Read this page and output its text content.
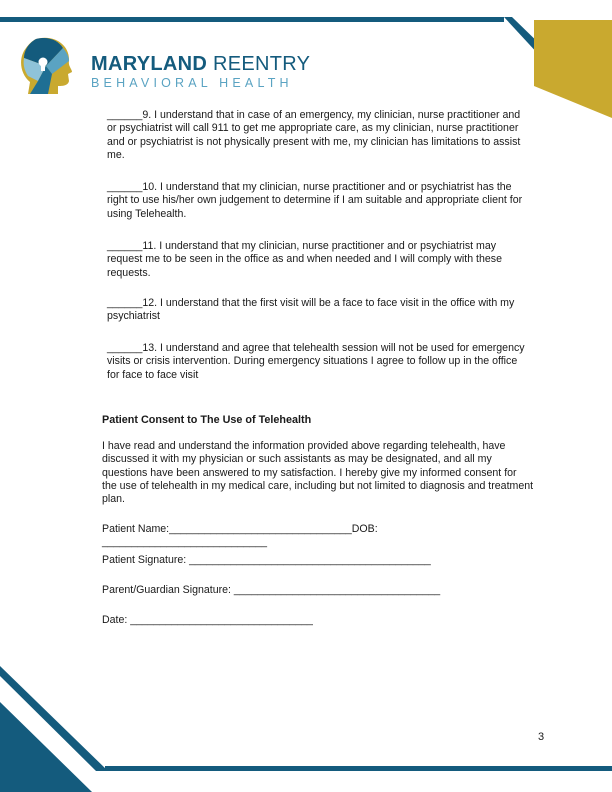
MARYLAND REENTRY
BEHAVIORAL HEALTH
______9. I understand that in case of an emergency, my clinician, nurse practitioner and or psychiatrist will call 911 to get me appropriate care, as my clinician, nurse practitioner and or psychiatrist is not physically present with me, my clinician has limitations to assist me.
______10. I understand that my clinician, nurse practitioner and or psychiatrist has the right to use his/her own judgement to determine if I am suitable and appropriate client for using Telehealth.
______11. I understand that my clinician, nurse practitioner and or psychiatrist may request me to be seen in the office as and when needed and I will comply with these requests.
______12. I understand that the first visit will be a face to face visit in the office with my psychiatrist
______13. I understand and agree that telehealth session will not be used for emergency visits or crisis intervention. During emergency situations I agree to follow up in the office for face to face visit
Patient Consent to The Use of Telehealth
I have read and understand the information provided above regarding telehealth, have discussed it with my physician or such assistants as may be designated, and all my questions have been answered to my satisfaction. I hereby give my informed consent for the use of telehealth in my medical care, including but not limited to diagnosis and treatment plan.
Patient Name:_______________________________DOB: ____________________________
Patient Signature: _________________________________________
Parent/Guardian Signature: ___________________________________
Date: _______________________________
3
